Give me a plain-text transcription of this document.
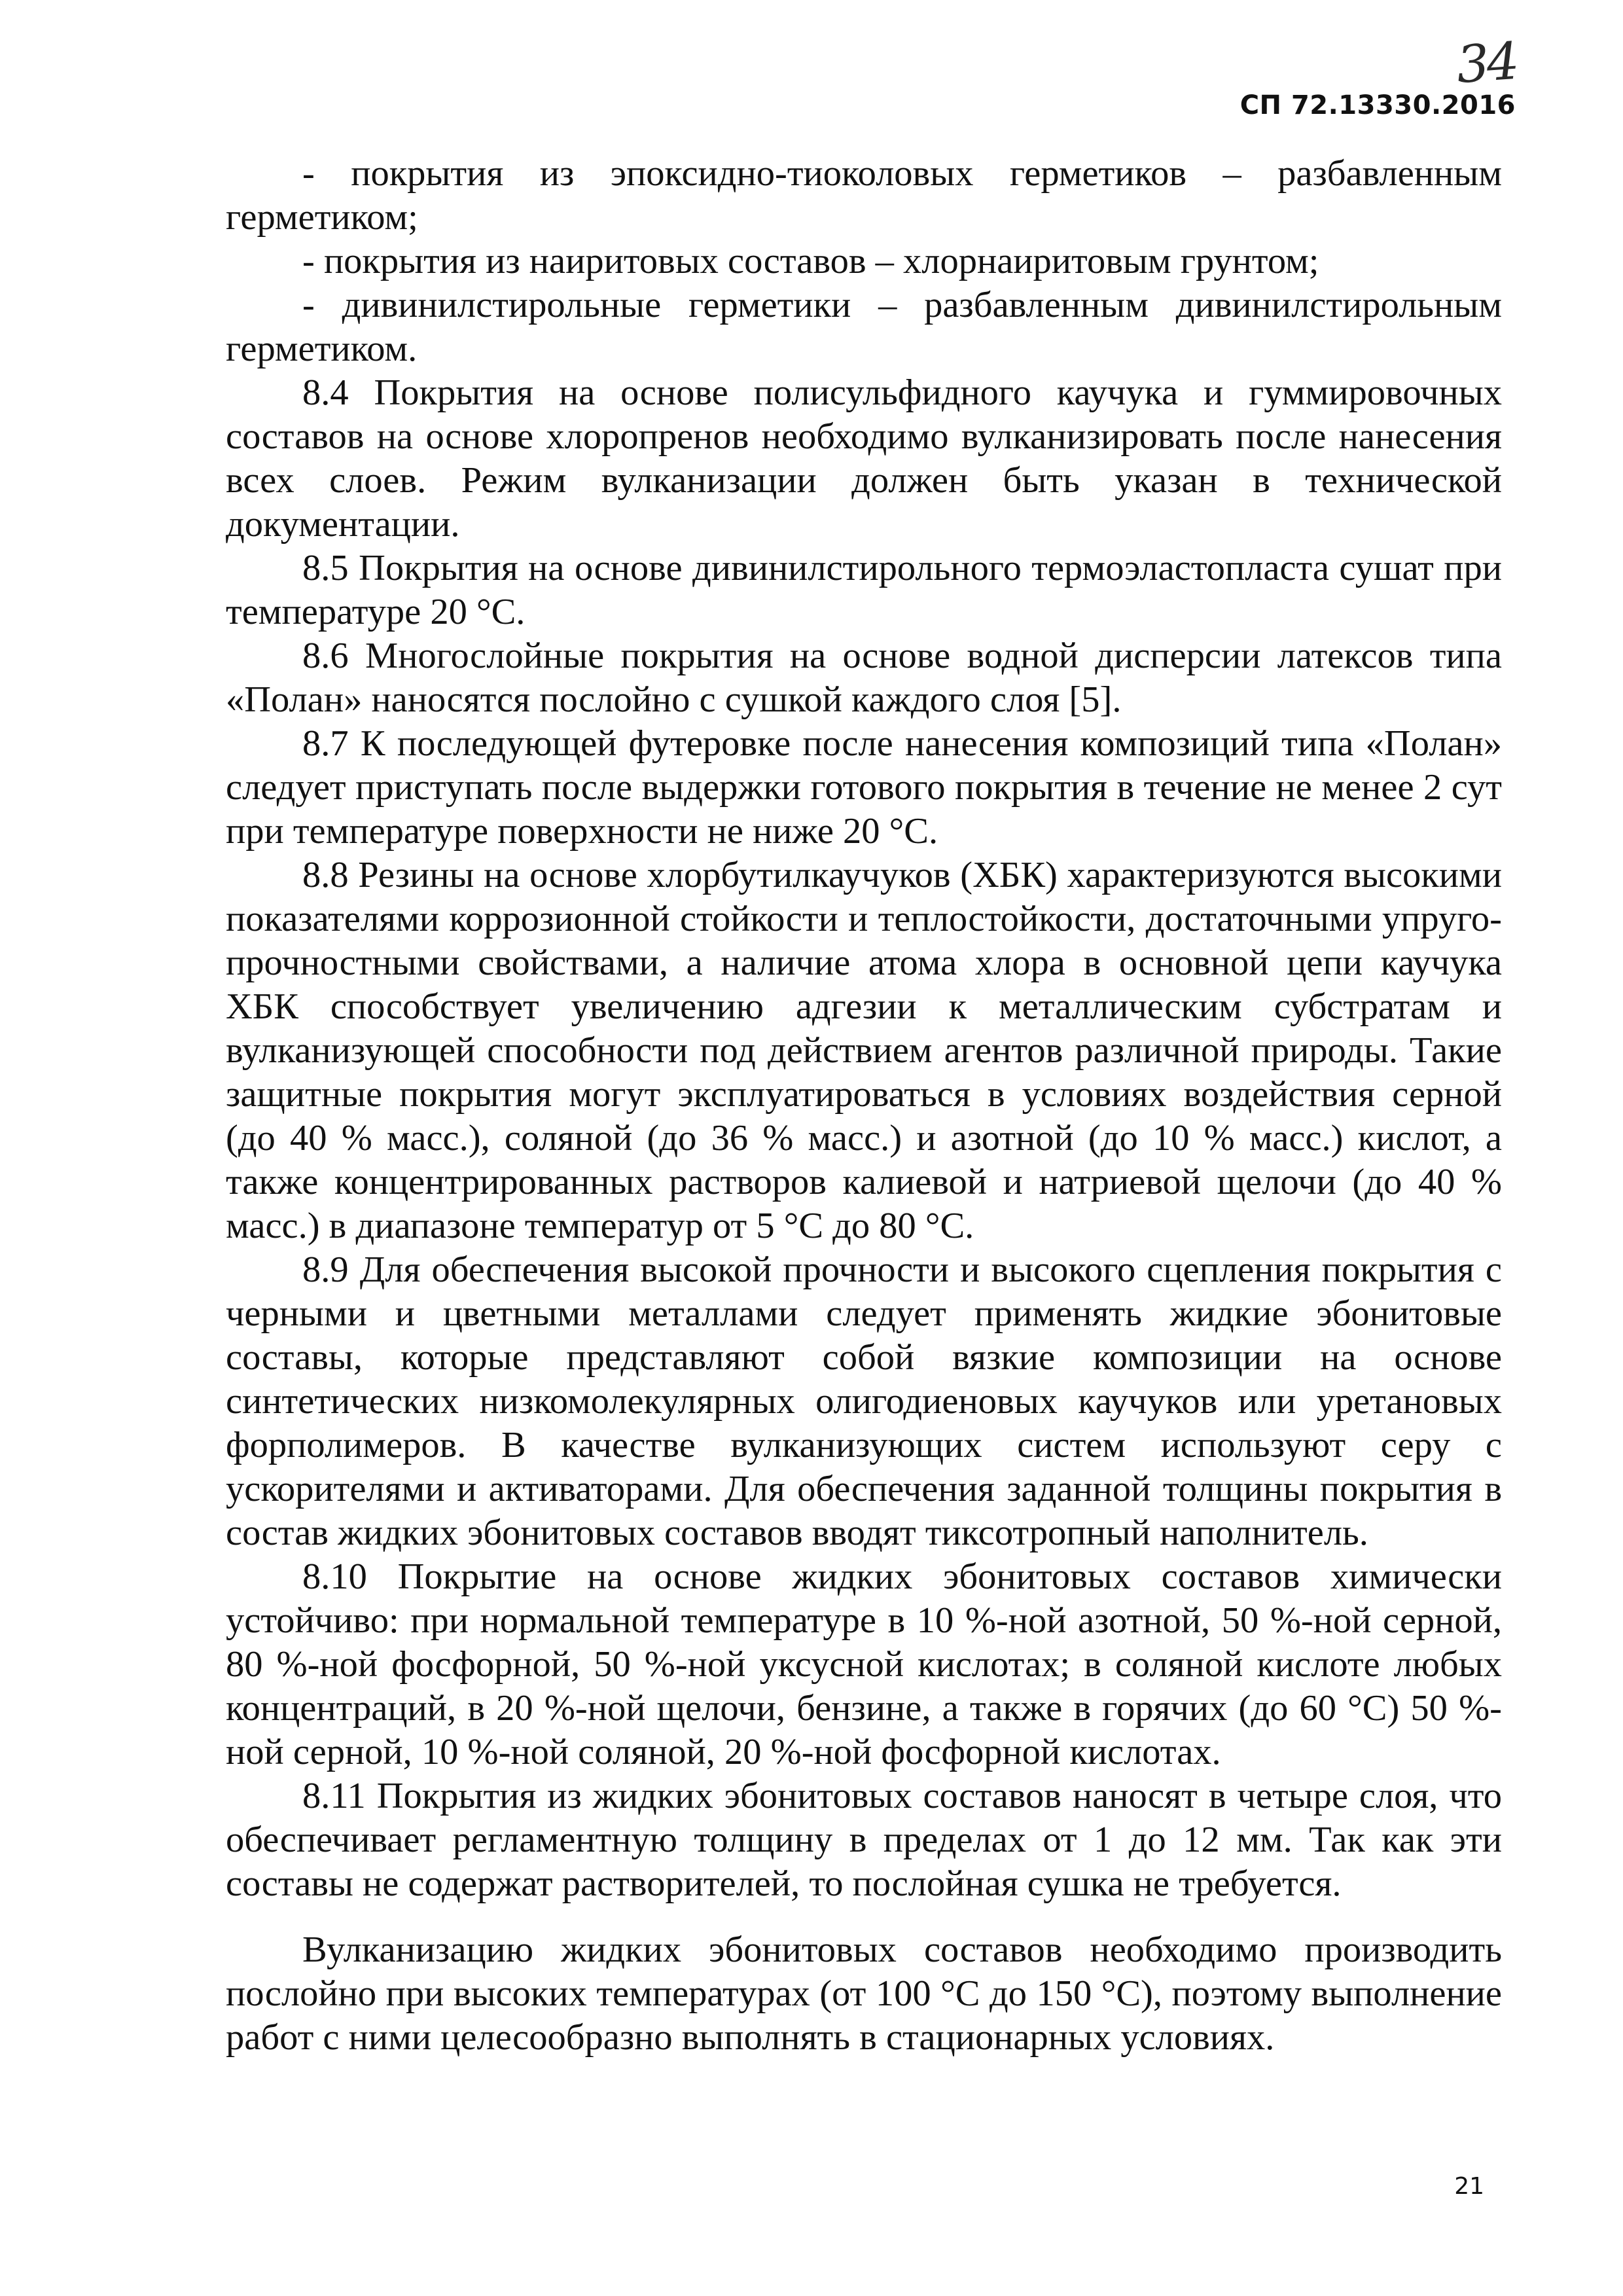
34
СП 72.13330.2016

- покрытия из эпоксидно-тиоколовых герметиков – разбавленным герметиком;

- покрытия из наиритовых составов – хлорнаиритовым грунтом;

- дивинилстирольные герметики – разбавленным дивинилстирольным герметиком.

8.4 Покрытия на основе полисульфидного каучука и гуммировочных составов на основе хлоропренов необходимо вулканизировать после нанесения всех слоев. Режим вулканизации должен быть указан в технической документации.

8.5 Покрытия на основе дивинилстирольного термоэластопласта сушат при температуре 20 °С.

8.6 Многослойные покрытия на основе водной дисперсии латексов типа «Полан» наносятся послойно с сушкой каждого слоя [5].

8.7 К последующей футеровке после нанесения композиций типа «Полан» следует приступать после выдержки готового покрытия в течение не менее 2 сут при температуре поверхности не ниже 20 °С.

8.8 Резины на основе хлорбутилкаучуков (ХБК) характеризуются высокими показателями коррозионной стойкости и теплостойкости, достаточными упруго-прочностными свойствами, а наличие атома хлора в основной цепи каучука ХБК способствует увеличению адгезии к металлическим субстратам и вулканизующей способности под действием агентов различной природы. Такие защитные покрытия могут эксплуатироваться в условиях воздействия серной (до 40 % масс.), соляной (до 36 % масс.) и азотной (до 10 % масс.) кислот, а также концентрированных растворов калиевой и натриевой щелочи (до 40 % масс.) в диапазоне температур от 5 °С до 80 °С.

8.9 Для обеспечения высокой прочности и высокого сцепления покрытия с черными и цветными металлами следует применять жидкие эбонитовые составы, которые представляют собой вязкие композиции на основе синтетических низкомолекулярных олигодиеновых каучуков или уретановых форполимеров. В качестве вулканизующих систем используют серу с ускорителями и активаторами. Для обеспечения заданной толщины покрытия в состав жидких эбонитовых составов вводят тиксотропный наполнитель.

8.10 Покрытие на основе жидких эбонитовых составов химически устойчиво: при нормальной температуре в 10 %-ной азотной, 50 %-ной серной, 80 %-ной фосфорной, 50 %-ной уксусной кислотах; в соляной кислоте любых концентраций, в 20 %-ной щелочи, бензине, а также в горячих (до 60 °С) 50 %-ной серной, 10 %-ной соляной, 20 %-ной фосфорной кислотах.

8.11 Покрытия из жидких эбонитовых составов наносят в четыре слоя, что обеспечивает регламентную толщину в пределах от 1 до 12 мм. Так как эти составы не содержат растворителей, то послойная сушка не требуется.

Вулканизацию жидких эбонитовых составов необходимо производить послойно при высоких температурах (от 100 °С до 150 °С), поэтому выполнение работ с ними целесообразно выполнять в стационарных условиях.

21
